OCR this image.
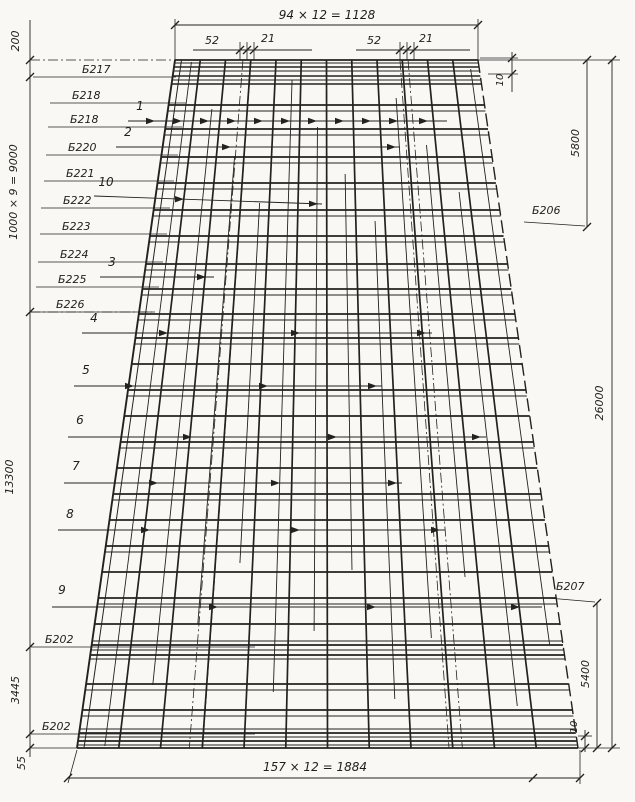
Б217
Б218
Б218
Б220
Б221
Б222
Б223
Б224
Б225
Б226
Б202
Б202
Б206
Б207
1
2
10
3
4
5
6
7
8
9
94 × 12 = 1128
52	21	52	21
157 × 12 = 1884
200
1000 × 9 = 9000
13300
3445
55
10
5800
26000
5400
10
